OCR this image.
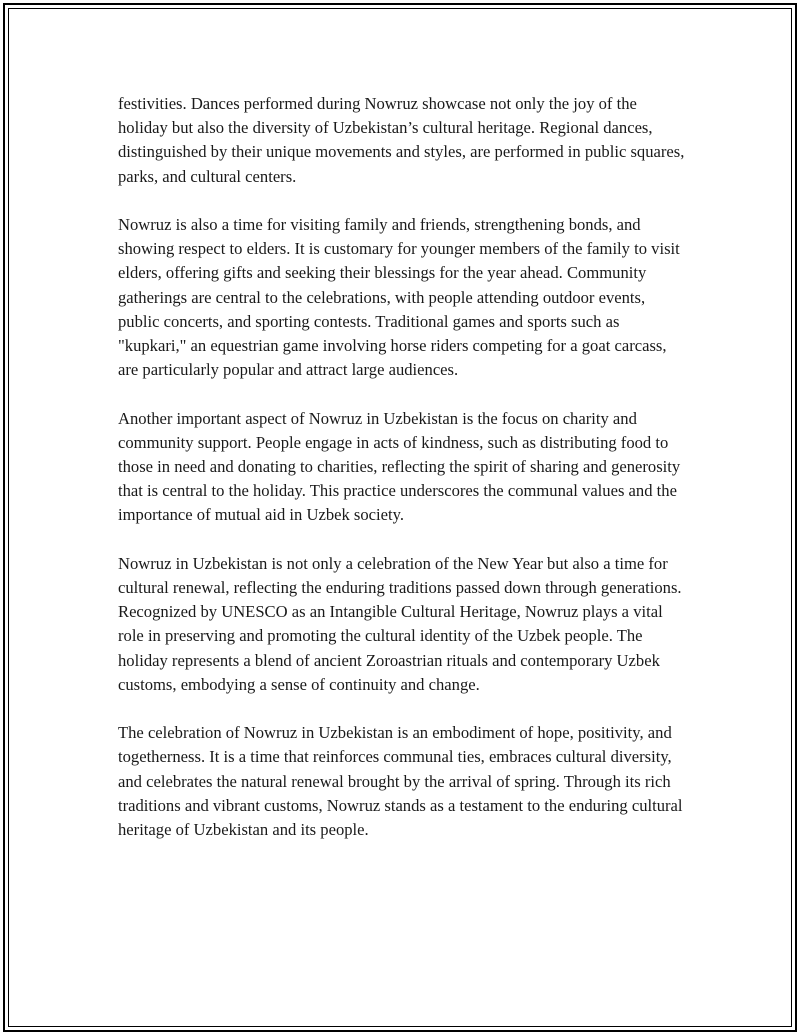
festivities. Dances performed during Nowruz showcase not only the joy of the holiday but also the diversity of Uzbekistan’s cultural heritage. Regional dances, distinguished by their unique movements and styles, are performed in public squares, parks, and cultural centers.

Nowruz is also a time for visiting family and friends, strengthening bonds, and showing respect to elders. It is customary for younger members of the family to visit elders, offering gifts and seeking their blessings for the year ahead. Community gatherings are central to the celebrations, with people attending outdoor events, public concerts, and sporting contests. Traditional games and sports such as "kupkari," an equestrian game involving horse riders competing for a goat carcass, are particularly popular and attract large audiences.

Another important aspect of Nowruz in Uzbekistan is the focus on charity and community support. People engage in acts of kindness, such as distributing food to those in need and donating to charities, reflecting the spirit of sharing and generosity that is central to the holiday. This practice underscores the communal values and the importance of mutual aid in Uzbek society.

Nowruz in Uzbekistan is not only a celebration of the New Year but also a time for cultural renewal, reflecting the enduring traditions passed down through generations. Recognized by UNESCO as an Intangible Cultural Heritage, Nowruz plays a vital role in preserving and promoting the cultural identity of the Uzbek people. The holiday represents a blend of ancient Zoroastrian rituals and contemporary Uzbek customs, embodying a sense of continuity and change.

The celebration of Nowruz in Uzbekistan is an embodiment of hope, positivity, and togetherness. It is a time that reinforces communal ties, embraces cultural diversity, and celebrates the natural renewal brought by the arrival of spring. Through its rich traditions and vibrant customs, Nowruz stands as a testament to the enduring cultural heritage of Uzbekistan and its people.
